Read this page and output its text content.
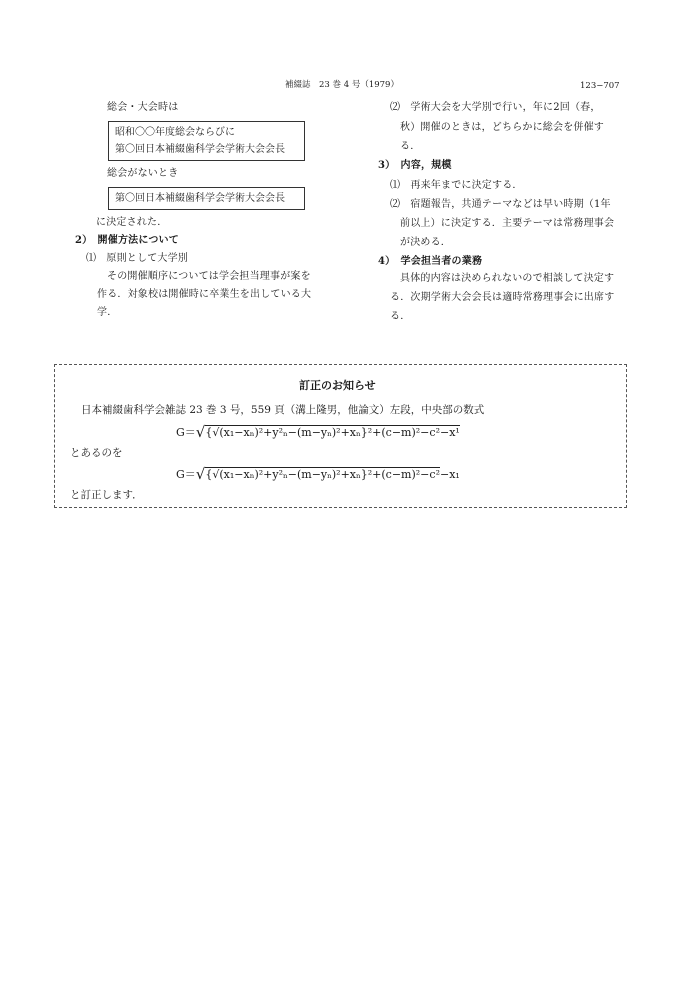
補綴誌　23 巻 4 号（1979）	123−707
総会・大会時は
昭和〇〇年度総会ならびに
第〇回日本補綴歯科学会学術大会会長
総会がないとき
第〇回日本補綴歯科学会学術大会会長
に決定された．
2）　開催方法について
⑴　原則として大学別
その開催順序については学会担当理事が案を
作る．対象校は開催時に卒業生を出している大
学．
⑵　学術大会を大学別で行い，年に2回（春，
秋）開催のときは，どちらかに総会を併催す
る．
3）　内容，規模
⑴　再来年までに決定する．
⑵　宿題報告，共通テーマなどは早い時期（1年
前以上）に決定する．主要テーマは常務理事会
が決める．
4）　学会担当者の業務
具体的内容は決められないので相談して決定す
る．次期学術大会会長は適時常務理事会に出席す
る．
訂正のお知らせ
日本補綴歯科学会雑誌 23 巻 3 号，559 頁（溝上隆男，他論文）左段，中央部の数式
G＝√{√(x₁−xₙ)²+y²ₙ−(m−yₙ)²+xₙ}²+(c−m)²−c²−x¹
とあるのを
G＝√{√(x₁−xₙ)²+y²ₙ−(m−yₙ)²+xₙ}²+(c−m)²−c²−x₁
と訂正します．
